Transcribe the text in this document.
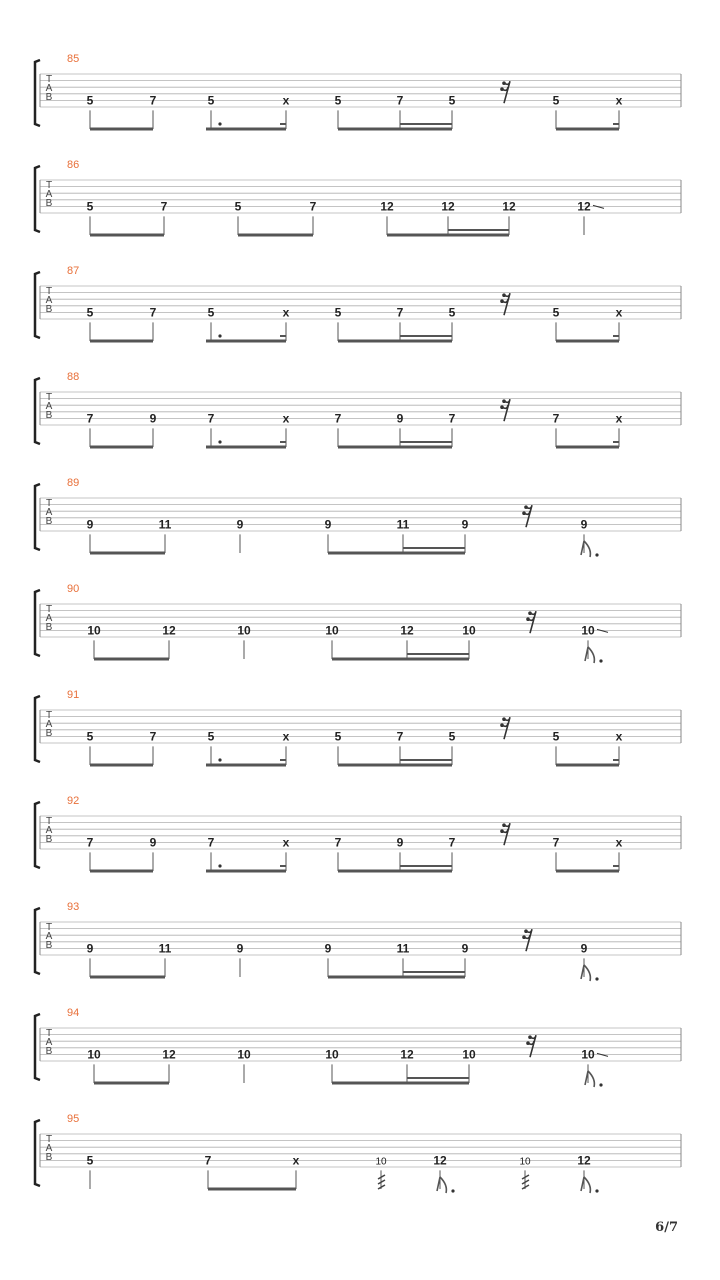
85
T
A
B	5	7	5	x	5	7	5	5	x
86
T
A
B	5	7	5	7	12	12	12	12
87
T
A
B	5	7	5	x	5	7	5	5	x
88
T
A
B	7	9	7	x	7	9	7	7	x
89
T
A
B	9	11	9	9	11	9	9
90
T
A
B	10	12	10	10	12	10	10
91
T
A
B	5	7	5	x	5	7	5	5	x
92
T
A
B	7	9	7	x	7	9	7	7	x
93
T
A
B	9	11	9	9	11	9	9
94
T
A
B	10	12	10	10	12	10	10
95
T
A
B	5	7	x	10	12	10	12
6/7
